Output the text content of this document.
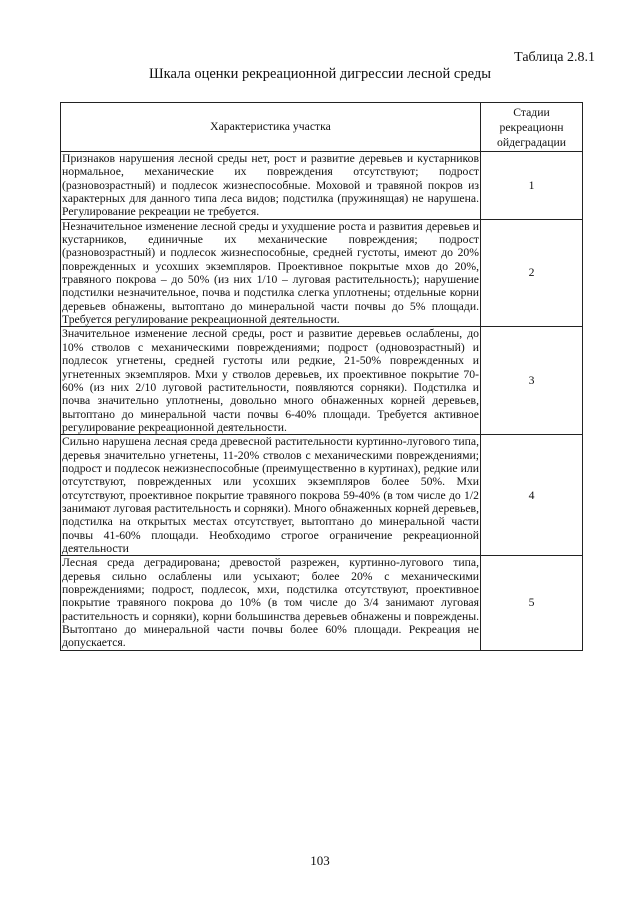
Таблица 2.8.1
Шкала оценки рекреационной дигрессии лесной среды
Характеристика участка	Стадии
рекреационн
ойдеградации

Признаков нарушения лесной среды нет, рост и развитие деревьев и кустарников нормальное, механические их повреждения отсутствуют; подрост (разновозрастный) и подлесок жизнеспособные. Моховой и травяной покров из характерных для данного типа леса видов; подстилка (пружинящая) не нарушена. Регулирование рекреации не требуется.	1
Незначительное изменение лесной среды и ухудшение роста и развития деревьев и кустарников, единичные их механические повреждения; подрост (разновозрастный) и подлесок жизнеспособные, средней густоты, имеют до 20% поврежденных и усохших экземпляров. Проективное покрытые мхов до 20%, травяного покрова – до 50% (из них 1/10 – луговая растительность); нарушение подстилки незначительное, почва и подстилка слегка уплотнены; отдельные корни деревьев обнажены, вытоптано до минеральной части почвы до 5% площади. Требуется регулирование рекреационной деятельности.	2
Значительное изменение лесной среды, рост и развитие деревьев ослаблены, до 10% стволов с механическими повреждениями; подрост (одновозрастный) и подлесок угнетены, средней густоты или редкие, 21-50% поврежденных и угнетенных экземпляров. Мхи у стволов деревьев, их проективное покрытие 70-60% (из них 2/10 луговой растительности, появляются сорняки). Подстилка и почва значительно уплотнены, довольно много обнаженных корней деревьев, вытоптано до минеральной части почвы 6-40% площади. Требуется активное регулирование рекреационной деятельности.	3
Сильно нарушена лесная среда древесной растительности куртинно-лугового типа, деревья значительно угнетены, 11-20% стволов с механическими повреждениями; подрост и подлесок нежизнеспособные (преимущественно в куртинах), редкие или отсутствуют, поврежденных или усохших экземпляров более 50%. Мхи отсутствуют, проективное покрытие травяного покрова 59-40% (в том числе до 1/2 занимают луговая растительность и сорняки). Много обнаженных корней деревьев, подстилка на открытых местах отсутствует, вытоптано до минеральной части почвы 41-60% площади. Необходимо строгое ограничение рекреационной деятельности	4
Лесная среда деградирована; древостой разрежен, куртинно-лугового типа, деревья сильно ослаблены или усыхают; более 20% с механическими повреждениями; подрост, подлесок, мхи, подстилка отсутствуют, проективное покрытие травяного покрова до 10% (в том числе до 3/4 занимают луговая растительность и сорняки), корни большинства деревьев обнажены и повреждены. Вытоптано до минеральной части почвы более 60% площади. Рекреация не допускается.	5
103
